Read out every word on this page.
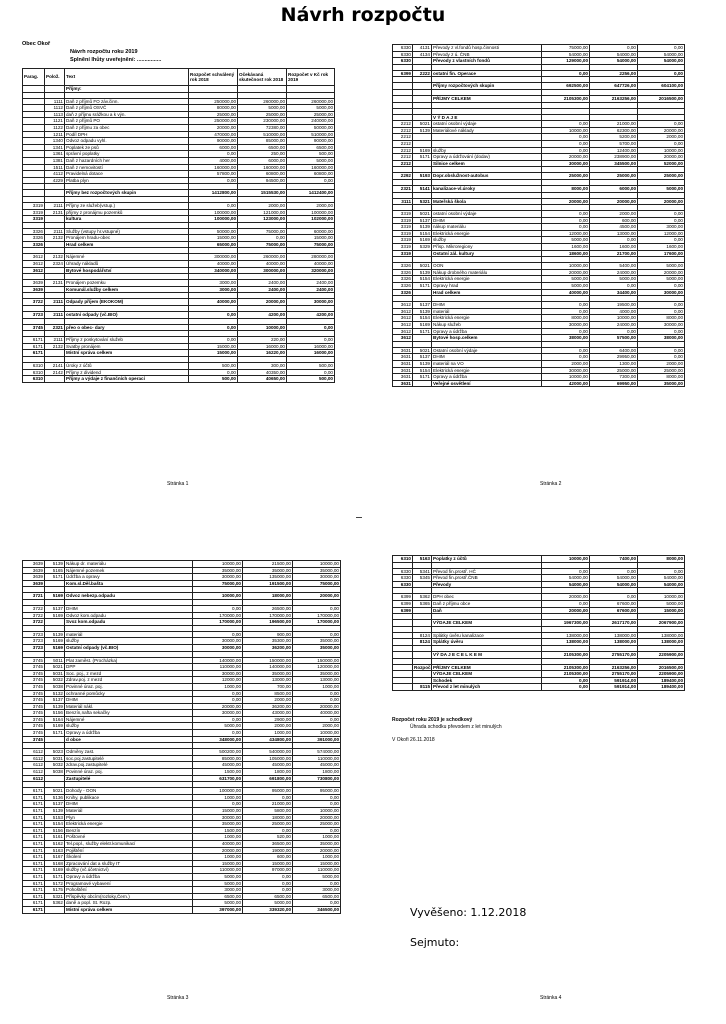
Návrh rozpočtu
Obec Okoř
Návrh rozpočtu roku 2019
Splnění lhůty uveřejnění: ................
Parag.	Polož.	Text	Rozpočet schválený rok 2018	Očekávaná skutečnost rok 2018	Rozpočet v Kč rok 2019
		Příjmy:			

	1111	Daň z příjmů FO záv.činn.	250000,00	260000,00	260000,00
	1112	Daň z příjmů OSVČ	80000,00	5000,00	5000,00
	1113	daň z příjmu srážkou a k výn.	25000,00	25000,00	25000,00
	1121	Daň z příjmů PO	250000,00	230000,00	240000,00
	1122	Daň z příjmu za obec	20000,00	72380,00	50000,00
	1211	Podíl DPH	470000,00	510000,00	510000,00
	1340	Odvoz odpadu vyhl.	90000,00	85000,00	90000,00
	1341	Poplatek ze psů	6000,00	6500,00	6500,00
	1361	správní poplatky	0,00	250,00	500,00
	1381	Daň z hazardních her	4000,00	6000,00	5000,00
	1511	Daň z nemovitostí	160000,00	160000,00	160000,00
	4112	Pravidelná dotace	57800,00	60800,00	60800,00
	4229	Platba plyn	0,00	94500,00	0,00

		Příjmy bez rozpočtových skupin	1412800,00	1515530,00	1412400,00

3319	2111	Příjmy ze služeb(vstup.)	0,00	2000,00	2000,00
3319	2131	příjmy z pronájmu pozemků	100000,00	121000,00	100000,00
3319		kultura	100000,00	123000,00	102000,00

3326	2111	Služby (vstupy hr.vstupné)	50000,00	75000,00	60000,00
3326	2132	Pronájem hradu-obec	15000,00	0,00	15000,00
3326		Hrad celkem	65000,00	75000,00	75000,00

3612	2132	Nájemné	300000,00	260000,00	280000,00
3612	2324	Úhrady nákladů	40000,00	40000,00	40000,00
3612		Bytové hospodářství	340000,00	300000,00	320000,00

3639	2131	Pronájem pozemku	3000,00	2400,00	2400,00
3639		Komunál.služby celkem	3000,00	2400,00	2400,00

3722	2111	Odpady příjem (EKOKOM)	40000,00	20000,00	30000,00

3723	2111	ostatní odpady (vč.BIO)	0,00	4200,00	4200,00

3745	2321	přeo o obec- dary	0,00	10000,00	0,00

6171	2111	Příjmy z poskytování služeb	0,00	220,00	0,00
6171	2132	Svatby pronájem	15000,00	16000,00	16000,00
6171		Místní správa celkem	15000,00	16220,00	16000,00

6310	2141	Úroky z účtů	500,00	300,00	500,00
6310	2142	Příjmy z dividend	0,00	40350,00	0,00
6310		Příjmy a výdaje z finančních operací	500,00	40650,00	500,00
Stránka 1
6330	4131	Převody z vl.fondů hosp.činnosti	75000,00	0,00	0,00
6330	4134	Převody z ú. ČNB	54000,00	54000,00	54000,00
6330		Převody z vlastních fondů	129000,00	54000,00	54000,00

6399	2222	ostatní fin. Operace	0,00	2256,00	0,00

		Příjmy rozpočtových skupin	692500,00	647726,00	604100,00

		PŘÍJMY CELKEM	2105300,00	2163256,00	2016500,00

		V Ý D A J E			
2212	5021	ostatní osobní výdaje	0,00	21000,00	0,00
2212	5139	Materiálové náklady	10000,00	62300,00	20000,00
2212			0,00	5200,00	2000,00
2212			0,00	5700,00	0,00
2212	5169	služby	0,00	12400,00	10000,00
2212	5171	Opravy a údržování (dodav)	20000,00	238900,00	20000,00
2212		Silnice celkem	30000,00	345500,00	52000,00

2292	5193	Dopr.obslužnost-autobus	25000,00	25000,00	25000,00

2321	5141	kanalizace-vl.úroky	8000,00	6000,00	5000,00

3111	5321	Mateřská škola	20000,00	20000,00	20000,00

3319	5021	ostatní osobní výdaje	0,00	2000,00	0,00
3319	5137	DHIM	0,00	600,00	0,00
3319	5139	nákup materiálu	0,00	4500,00	3000,00
3319	5154	Elektrická energie	12000,00	13000,00	12000,00
3319	5169	služby	5000,00	0,00	0,00
3319	5329	Přísp. Mikroregiony	1600,00	1600,00	1600,00
3319		Ostatní zál. kultury	18600,00	21700,00	17600,00

3326	5021	OON	10000,00	5400,00	5000,00
3326	5139	Nákup drobného materiálu	20000,00	24000,00	20000,00
3326	5154	Elektrická energie	5000,00	5000,00	5000,00
3326	5171	Opravy hrad	5000,00	0,00	0,00
3326		Hrad celkem	40000,00	34400,00	30000,00

3612	5137	DHIM	0,00	19500,00	0,00
3612	5139	materiál	0,00	4000,00	0,00
3612	5154	Elektrická energie	8000,00	10000,00	8000,00
3612	5169	Nákup služeb	30000,00	24000,00	30000,00
3612	5171	Opravy a údržba	0,00	0,00	0,00
3612		Bytové hosp.celkem	38000,00	57500,00	38000,00

3631	5021	Ostatní osobní výdaje	0,00	6400,00	0,00
3631	5137	DHIM	0,00	29950,00	0,00
3631	5139	materiál na VO	2000,00	1300,00	2000,00
3631	5154	Elektrická energie	30000,00	25000,00	25000,00
3631	5171	Opravy a údržba	10000,00	7300,00	8000,00
3631		Veřejné osvětlení	42000,00	69950,00	35000,00
Stránka 2
3639	5139	Nákup dr. materiálu	10000,00	21500,00	10000,00
3639	5165	Nájemné pozemek	35000,00	35000,00	35000,00
3639	5171	Údržba a opravy	30000,00	135000,00	30000,00
3639		Kom.sl.Děl.bašta	75000,00	191500,00	75000,00

3721	5169	Odvoz nebezp.odpadu	10000,00	18000,00	20000,00

3722	5137	DHIM	0,00	26500,00	0,00
3722	5169	Odvoz kom.odpadu	170000,00	170000,00	170000,00
3722		Svoz kom.odpadu	170000,00	196500,00	170000,00

3723	5139	materiál	0,00	900,00	0,00
3723	5169	služby	30000,00	35300,00	35000,00
3723	5169	Ostatní odpady (vč.BIO)	30000,00	36200,00	35000,00

3745	5011	Plat zaměst. (Procházka)	140000,00	150000,00	150000,00
3745	5021	DPP	110000,00	140000,00	120000,00
3745	5031	Soc. poj., z mezd	30000,00	35000,00	35000,00
3745	5032	Zdrav.poj. z mezd	12000,00	13000,00	13000,00
3745	5038	Povinné úraz. poj.	1000,00	700,00	1000,00
3745	5132	ochranné pomůcky	0,00	8500,00	0,00
3745	5137	DHIM	0,00	2000,00	0,00
3745	5139	Materiál nákl.	20000,00	36200,00	20000,00
3745	5156	Benzín,nafta sekačky	30000,00	43000,00	40000,00
3745	5164	Nájemné	0,00	2900,00	0,00
3745	5169	služby	5000,00	2000,00	2000,00
3745	5171	Opravy a údržba	0,00	1000,00	10000,00
3745		d obce	348000,00	434800,00	391000,00

6112	5023	Odměny zast.	500200,00	540000,00	574000,00
6112	5031	soc.poj.zastupitelé	85000,00	105000,00	110000,00
6112	5032	zdrav.poj.zastupitelé	45000,00	45000,00	45000,00
6112	5038	Povinné úraz. poj.	1500,00	1800,00	1800,00
6112		Zastupitelé	631700,00	691800,00	730800,00

6171	5021	Dohody - OON	100000,00	95000,00	95000,00
6171	5136	Knihy, publikace	1000,00	0,00	0,00
6171	5137	DHIM	0,00	21000,00	0,00
6171	5139	Materiál	15000,00	5800,00	10000,00
6171	5153	Plyn	30000,00	18000,00	20000,00
6171	5154	Elektrická energie	35000,00	25000,00	25000,00
6171	5156	Benzín	1500,00	0,00	0,00
6171	5161	Poštovné	1000,00	520,00	1000,00
6171	5162	Tel.popl., služby elektr.komunikací	40000,00	36500,00	35000,00
6171	5163	Pojištění	20000,00	19000,00	20000,00
6171	5167	Školení	1000,00	600,00	1000,00
6171	5168	Zpracování dat a služby IT	15000,00	15000,00	15000,00
6171	5169	služby (vč.účetnictví)	110000,00	97000,00	110000,00
6171	5171	Opravy a údržba	5000,00	0,00	5000,00
6171	5172	Programové vybavení	5000,00	0,00	0,00
6171	5175	Pohoštění	3000,00	0,00	3000,00
6171	5321	Příspěvky obcím(rozloky,Čern.)	6500,00	6500,00	6500,00
6171	5362	daně a popl. St. Rozp.	5000,00	5000,00	0,00
6171		Místní správa celkem	397000,00	339320,00	346500,00
Stránka 3
6310	5163	Poplatky z účtů	10000,00	7400,00	8000,00

6330	5341	Převod fin.prostř. HČ	0,00	0,00	0,00
6330	5345	Převod fin.prostř.ČNB	54000,00	54000,00	54000,00
6330		Převody	54000,00	54000,00	54000,00

6399	5362	DPH obec	20000,00	0,00	10000,00
6399	5365	Daň z příjmu obce	0,00	67600,00	5000,00
6399		Daň	20000,00	67600,00	15000,00

		VÝDAJE CELKEM	1967300,00	2617170,00	2067900,00

	8124	Splátky úvěru kanalizace	138000,00	138000,00	138000,00
	8124	Splátky úvěru	138000,00	138000,00	138000,00

		VÝ DA J E C E L K E M	2105300,00	2755170,00	2205900,00

	Rozpoč	PŘÍJMY CELKEM	2105300,00	2163256,00	2016500,00
		VÝDAJE CELKEM	2105300,00	2755170,00	2205900,00
		Schodek	0,00	591914,00	189400,00
	8115	Převod z let minulých	0,00	591914,00	189400,00
Rozpočet roku 2019 je schodkový
Úhrada schodku převodem z let minulých
V Okoři 26.11.2018
Vyvěšeno: 1.12.2018
Sejmuto:
Stránka 4
